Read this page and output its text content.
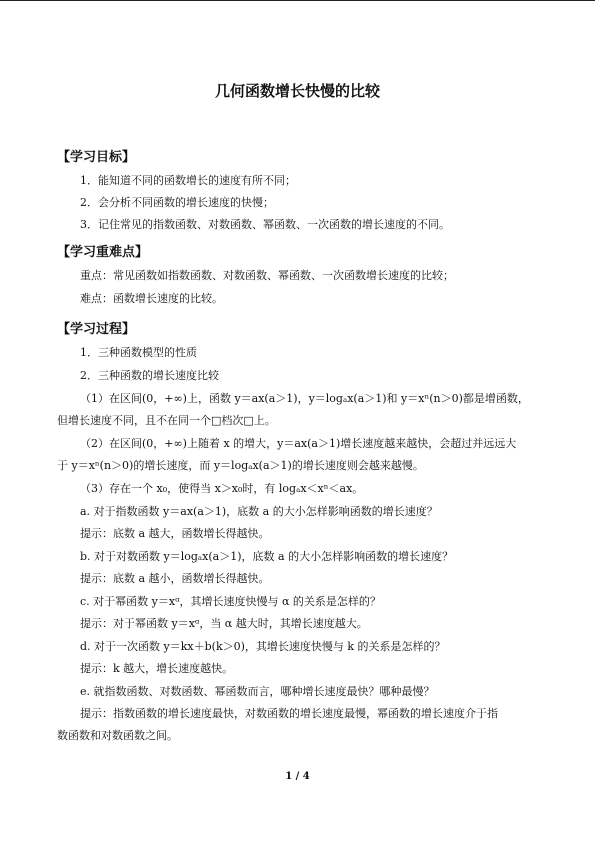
几何函数增长快慢的比较
【学习目标】
1．能知道不同的函数增长的速度有所不同；
2．会分析不同函数的增长速度的快慢；
3．记住常见的指数函数、对数函数、幂函数、一次函数的增长速度的不同。
【学习重难点】
重点：常见函数如指数函数、对数函数、幂函数、一次函数增长速度的比较；
难点：函数增长速度的比较。
【学习过程】
1．三种函数模型的性质
2．三种函数的增长速度比较
（1）在区间(0，+∞)上，函数 y＝ax(a＞1)，y＝logₐx(a＞1)和 y＝xⁿ(n＞0)都是增函数，
但增长速度不同，且不在同一个□档次□上。
（2）在区间(0，+∞)上随着 x 的增大，y＝ax(a＞1)增长速度越来越快，会超过并远远大
于 y＝xⁿ(n＞0)的增长速度，而 y＝logₐx(a＞1)的增长速度则会越来越慢。
（3）存在一个 x₀，使得当 x＞x₀时，有 logₐx＜xⁿ＜ax。
a. 对于指数函数 y＝ax(a＞1)，底数 a 的大小怎样影响函数的增长速度？
提示：底数 a 越大，函数增长得越快。
b. 对于对数函数 y＝logₐx(a＞1)，底数 a 的大小怎样影响函数的增长速度？
提示：底数 a 越小，函数增长得越快。
c. 对于幂函数 y＝xᵅ，其增长速度快慢与 α 的关系是怎样的？
提示：对于幂函数 y＝xᵅ，当 α 越大时，其增长速度越大。
d. 对于一次函数 y＝kx＋b(k＞0)，其增长速度快慢与 k 的关系是怎样的？
提示：k 越大，增长速度越快。
e. 就指数函数、对数函数、幂函数而言，哪种增长速度最快？哪种最慢？
提示：指数函数的增长速度最快，对数函数的增长速度最慢，幂函数的增长速度介于指
数函数和对数函数之间。
1 / 4
